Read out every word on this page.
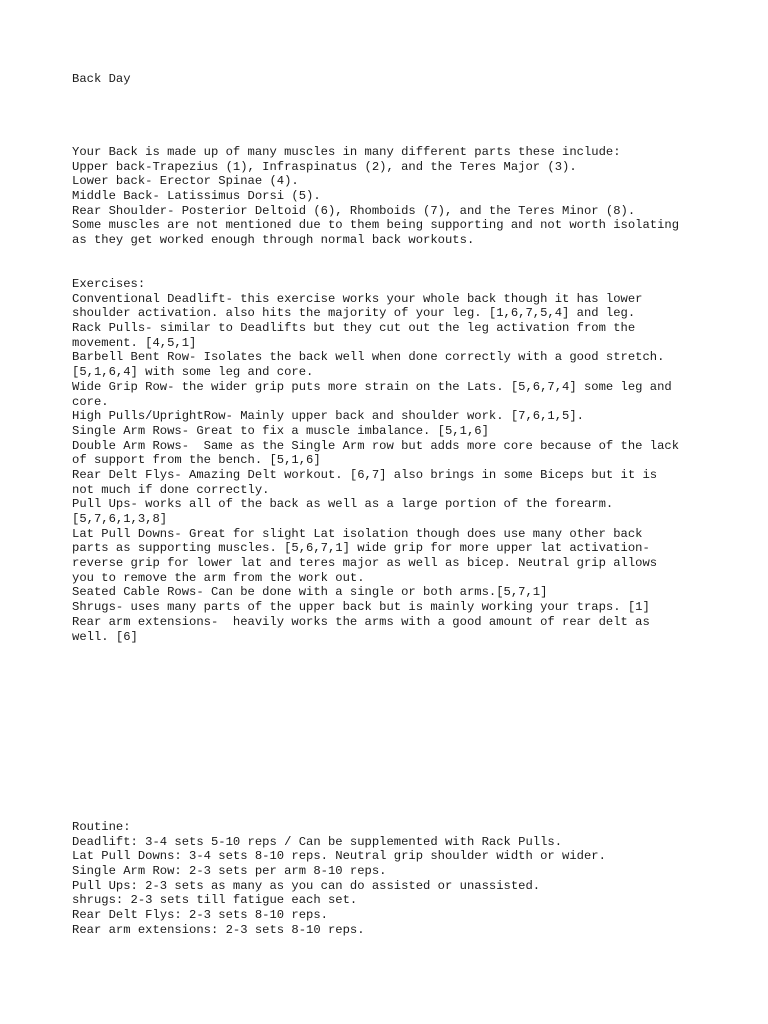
Back Day
Your Back is made up of many muscles in many different parts these include:
Upper back-Trapezius (1), Infraspinatus (2), and the Teres Major (3).
Lower back- Erector Spinae (4).
Middle Back- Latissimus Dorsi (5).
Rear Shoulder- Posterior Deltoid (6), Rhomboids (7), and the Teres Minor (8).
Some muscles are not mentioned due to them being supporting and not worth isolating
as they get worked enough through normal back workouts.
Exercises:
Conventional Deadlift- this exercise works your whole back though it has lower
shoulder activation. also hits the majority of your leg. [1,6,7,5,4] and leg.
Rack Pulls- similar to Deadlifts but they cut out the leg activation from the
movement. [4,5,1]
Barbell Bent Row- Isolates the back well when done correctly with a good stretch.
[5,1,6,4] with some leg and core.
Wide Grip Row- the wider grip puts more strain on the Lats. [5,6,7,4] some leg and
core.
High Pulls/UprightRow- Mainly upper back and shoulder work. [7,6,1,5].
Single Arm Rows- Great to fix a muscle imbalance. [5,1,6]
Double Arm Rows-  Same as the Single Arm row but adds more core because of the lack
of support from the bench. [5,1,6]
Rear Delt Flys- Amazing Delt workout. [6,7] also brings in some Biceps but it is
not much if done correctly.
Pull Ups- works all of the back as well as a large portion of the forearm.
[5,7,6,1,3,8]
Lat Pull Downs- Great for slight Lat isolation though does use many other back
parts as supporting muscles. [5,6,7,1] wide grip for more upper lat activation-
reverse grip for lower lat and teres major as well as bicep. Neutral grip allows
you to remove the arm from the work out.
Seated Cable Rows- Can be done with a single or both arms.[5,7,1]
Shrugs- uses many parts of the upper back but is mainly working your traps. [1]
Rear arm extensions-  heavily works the arms with a good amount of rear delt as
well. [6]
Routine:
Deadlift: 3-4 sets 5-10 reps / Can be supplemented with Rack Pulls.
Lat Pull Downs: 3-4 sets 8-10 reps. Neutral grip shoulder width or wider.
Single Arm Row: 2-3 sets per arm 8-10 reps.
Pull Ups: 2-3 sets as many as you can do assisted or unassisted.
shrugs: 2-3 sets till fatigue each set.
Rear Delt Flys: 2-3 sets 8-10 reps.
Rear arm extensions: 2-3 sets 8-10 reps.
